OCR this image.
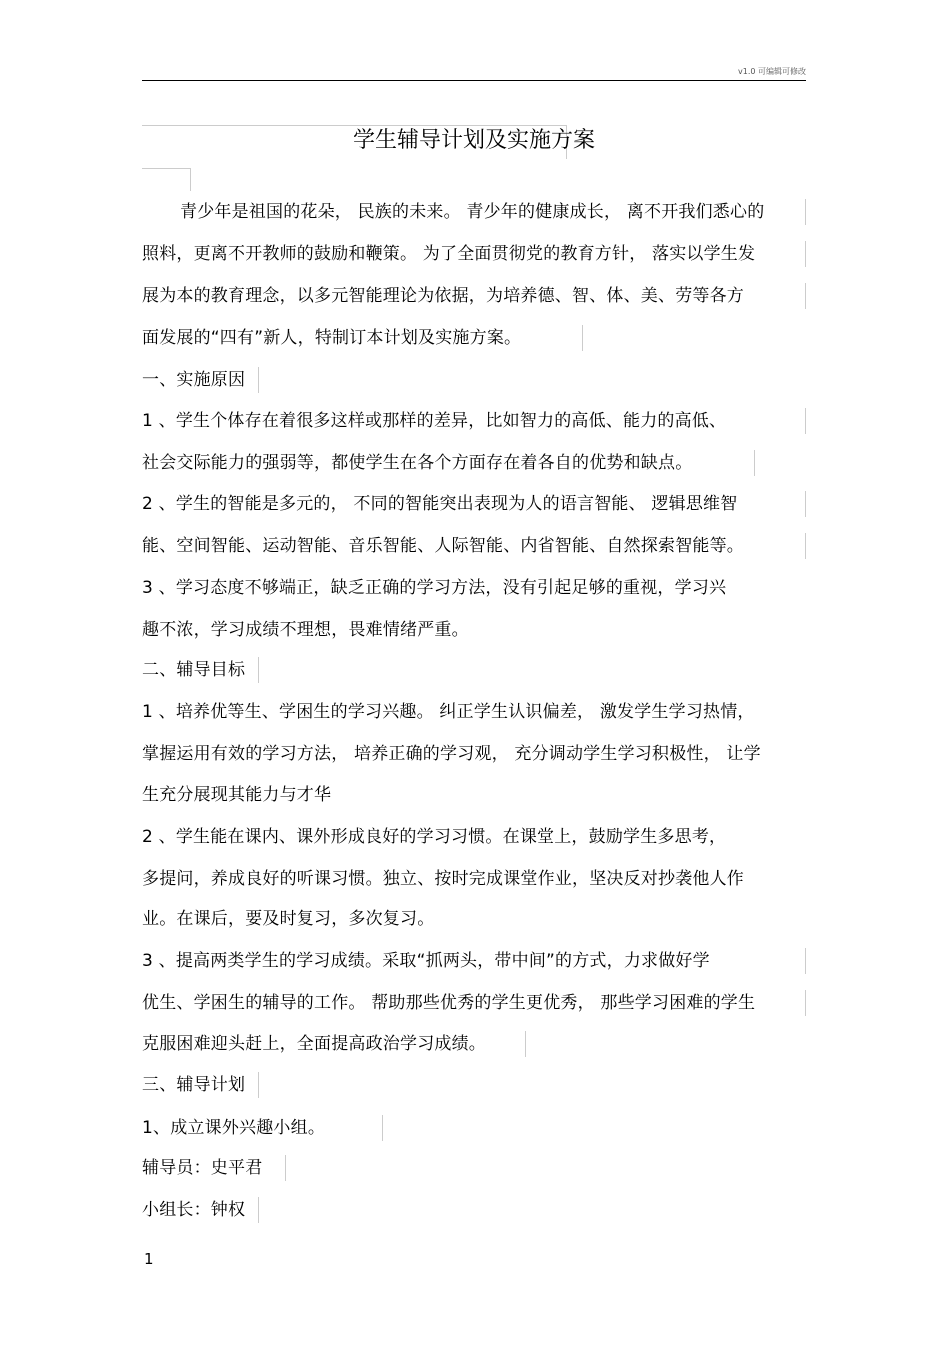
v1.0 可编辑可修改
学生辅导计划及实施方案
青少年是祖国的花朵， 民族的未来。 青少年的健康成长， 离不开我们悉心的
照料，更离不开教师的鼓励和鞭策。 为了全面贯彻党的教育方针， 落实以学生发
展为本的教育理念，以多元智能理论为依据，为培养德、智、体、美、劳等各方
面发展的“四有”新人，特制订本计划及实施方案。
一、实施原因
1 、学生个体存在着很多这样或那样的差异，比如智力的高低、能力的高低、
社会交际能力的强弱等，都使学生在各个方面存在着各自的优势和缺点。
2 、学生的智能是多元的， 不同的智能突出表现为人的语言智能、 逻辑思维智
能、空间智能、运动智能、音乐智能、人际智能、内省智能、自然探索智能等。
3 、学习态度不够端正，缺乏正确的学习方法，没有引起足够的重视，学习兴
趣不浓，学习成绩不理想，畏难情绪严重。
二、辅导目标
1 、培养优等生、学困生的学习兴趣。 纠正学生认识偏差， 激发学生学习热情，
掌握运用有效的学习方法， 培养正确的学习观， 充分调动学生学习积极性， 让学
生充分展现其能力与才华
2 、学生能在课内、课外形成良好的学习习惯。在课堂上，鼓励学生多思考，
多提问，养成良好的听课习惯。独立、按时完成课堂作业，坚决反对抄袭他人作
业。在课后，要及时复习，多次复习。
3 、提高两类学生的学习成绩。采取“抓两头，带中间”的方式，力求做好学
优生、学困生的辅导的工作。 帮助那些优秀的学生更优秀， 那些学习困难的学生
克服困难迎头赶上，全面提高政治学习成绩。
三、辅导计划
1、成立课外兴趣小组。
辅导员：史平君
小组长：钟权
1
